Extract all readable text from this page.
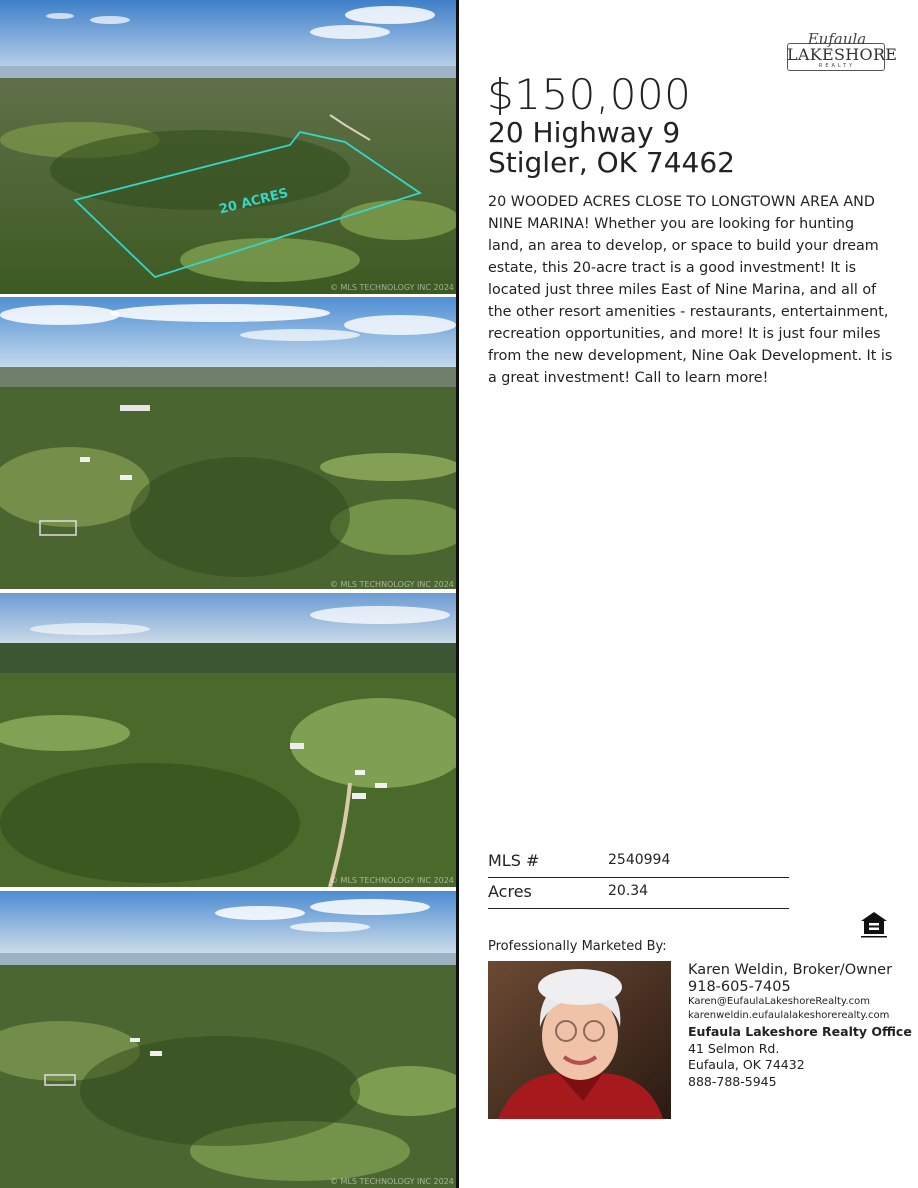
20 ACRES
© MLS TECHNOLOGY INC 2024
© MLS TECHNOLOGY INC 2024
© MLS TECHNOLOGY INC 2024
© MLS TECHNOLOGY INC 2024
Eufaula
LAKESHORE
REALTY
$150,000
20 Highway 9
Stigler, OK 74462
20 WOODED ACRES CLOSE TO LONGTOWN AREA AND NINE MARINA! Whether you are looking for hunting land, an area to develop, or space to build your dream estate, this 20-acre tract is a good investment! It is located just three miles East of Nine Marina, and all of the other resort amenities - restaurants, entertainment, recreation opportunities, and more! It is just four miles from the new development, Nine Oak Development. It is a great investment! Call to learn more!
MLS #	2540994
Acres	20.34
Professionally Marketed By:
Karen Weldin, Broker/Owner
918-605-7405
Karen@EufaulaLakeshoreRealty.com
karenweldin.eufaulalakeshorerealty.com
Eufaula Lakeshore Realty Office
41 Selmon Rd.
Eufaula, OK 74432
888-788-5945
